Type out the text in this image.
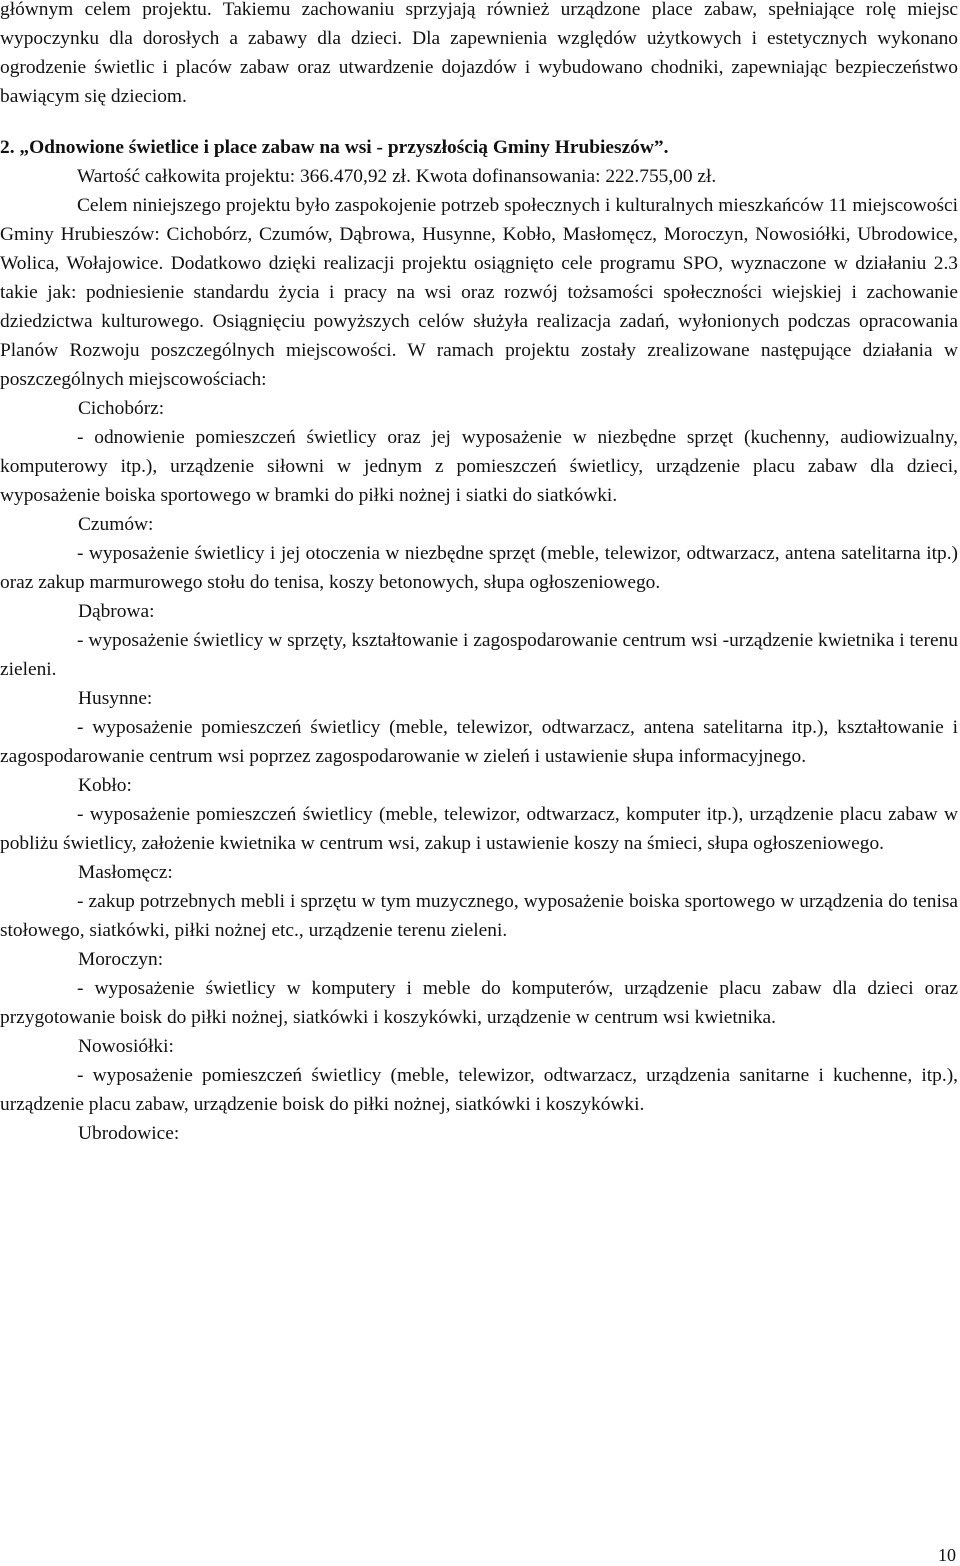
głównym celem projektu. Takiemu zachowaniu sprzyjają również urządzone place zabaw, spełniające rolę miejsc wypoczynku dla dorosłych a zabawy dla dzieci. Dla zapewnienia względów użytkowych i estetycznych wykonano ogrodzenie świetlic i placów zabaw oraz utwardzenie dojazdów i wybudowano chodniki, zapewniając bezpieczeństwo bawiącym się dzieciom.

2. „Odnowione świetlice i place zabaw na wsi - przyszłością Gminy Hrubieszów”.

Wartość całkowita projektu: 366.470,92 zł. Kwota dofinansowania: 222.755,00 zł.

Celem niniejszego projektu było zaspokojenie potrzeb społecznych i kulturalnych mieszkańców 11 miejscowości Gminy Hrubieszów: Cichobórz, Czumów, Dąbrowa, Husynne, Kobło, Masłomęcz, Moroczyn, Nowosiółki, Ubrodowice, Wolica, Wołajowice. Dodatkowo dzięki realizacji projektu osiągnięto cele programu SPO, wyznaczone w działaniu 2.3 takie jak: podniesienie standardu życia i pracy na wsi oraz rozwój tożsamości społeczności wiejskiej i zachowanie dziedzictwa kulturowego. Osiągnięciu powyższych celów służyła realizacja zadań, wyłonionych podczas opracowania Planów Rozwoju poszczególnych miejscowości. W ramach projektu zostały zrealizowane następujące działania w poszczególnych miejscowościach:

Cichobórz:

- odnowienie pomieszczeń świetlicy oraz jej wyposażenie w niezbędne sprzęt (kuchenny, audiowizualny, komputerowy itp.), urządzenie siłowni w jednym z pomieszczeń świetlicy, urządzenie placu zabaw dla dzieci, wyposażenie boiska sportowego w bramki do piłki nożnej i siatki do siatkówki.

Czumów:

- wyposażenie świetlicy i jej otoczenia w niezbędne sprzęt (meble, telewizor, odtwarzacz, antena satelitarna itp.) oraz zakup marmurowego stołu do tenisa, koszy betonowych, słupa ogłoszeniowego.

Dąbrowa:

- wyposażenie świetlicy w sprzęty, kształtowanie i zagospodarowanie centrum wsi -urządzenie kwietnika i terenu zieleni.

Husynne:

- wyposażenie pomieszczeń świetlicy (meble, telewizor, odtwarzacz, antena satelitarna itp.), kształtowanie i zagospodarowanie centrum wsi poprzez zagospodarowanie w zieleń i ustawienie słupa informacyjnego.

Kobło:

- wyposażenie pomieszczeń świetlicy (meble, telewizor, odtwarzacz, komputer itp.), urządzenie placu zabaw w pobliżu świetlicy, założenie kwietnika w centrum wsi, zakup i ustawienie koszy na śmieci, słupa ogłoszeniowego.

Masłomęcz:

- zakup potrzebnych mebli i sprzętu w tym muzycznego, wyposażenie boiska sportowego w urządzenia do tenisa stołowego, siatkówki, piłki nożnej etc., urządzenie terenu zieleni.

Moroczyn:

- wyposażenie świetlicy w komputery i meble do komputerów, urządzenie placu zabaw dla dzieci oraz przygotowanie boisk do piłki nożnej, siatkówki i koszykówki, urządzenie w centrum wsi kwietnika.

Nowosiółki:

- wyposażenie pomieszczeń świetlicy (meble, telewizor, odtwarzacz, urządzenia sanitarne i kuchenne, itp.), urządzenie placu zabaw, urządzenie boisk do piłki nożnej, siatkówki i koszykówki.

Ubrodowice:

10
